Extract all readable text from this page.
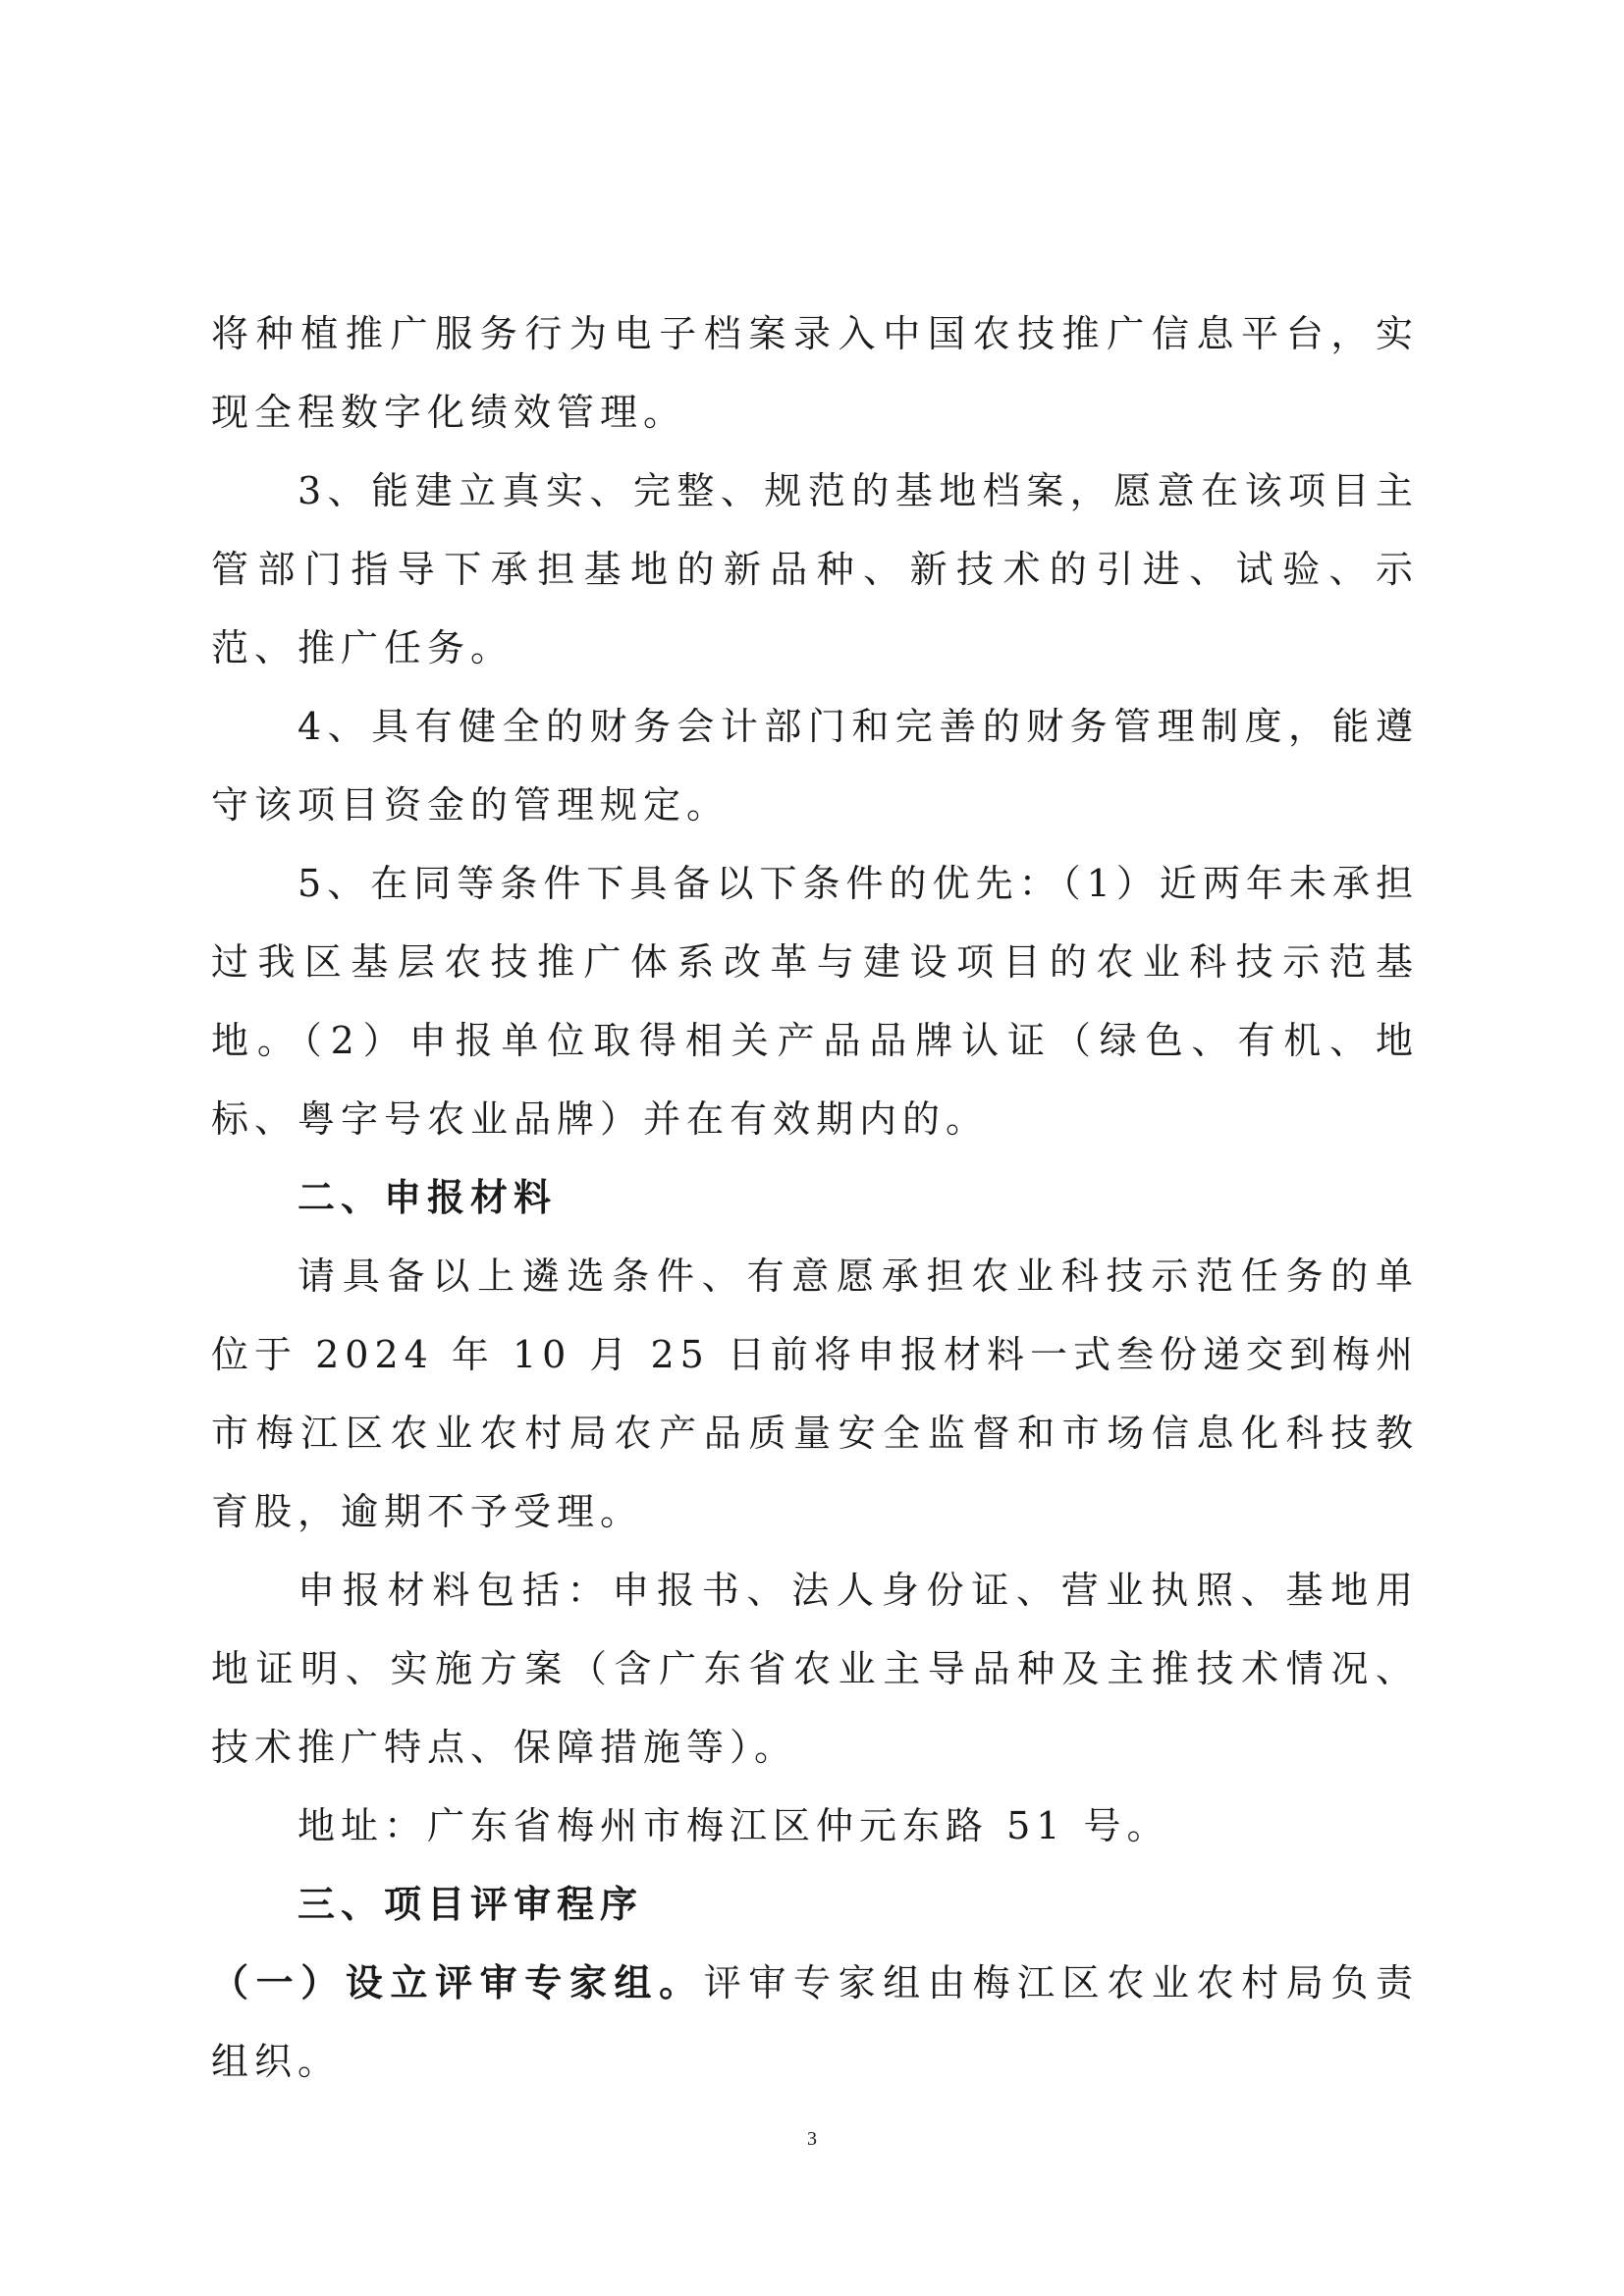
将种植推广服务行为电子档案录入中国农技推广信息平台，实现全程数字化绩效管理。

3、能建立真实、完整、规范的基地档案，愿意在该项目主管部门指导下承担基地的新品种、新技术的引进、试验、示范、推广任务。

4、具有健全的财务会计部门和完善的财务管理制度，能遵守该项目资金的管理规定。

5、在同等条件下具备以下条件的优先：（1）近两年未承担过我区基层农技推广体系改革与建设项目的农业科技示范基地。（2）申报单位取得相关产品品牌认证（绿色、有机、地标、粤字号农业品牌）并在有效期内的。

二、申报材料

请具备以上遴选条件、有意愿承担农业科技示范任务的单位于 2024 年 10 月 25 日前将申报材料一式叁份递交到梅州市梅江区农业农村局农产品质量安全监督和市场信息化科技教育股，逾期不予受理。

申报材料包括：申报书、法人身份证、营业执照、基地用地证明、实施方案（含广东省农业主导品种及主推技术情况、技术推广特点、保障措施等）。

地址：广东省梅州市梅江区仲元东路 51 号。

三、项目评审程序

（一）设立评审专家组。评审专家组由梅江区农业农村局负责组织。

3
